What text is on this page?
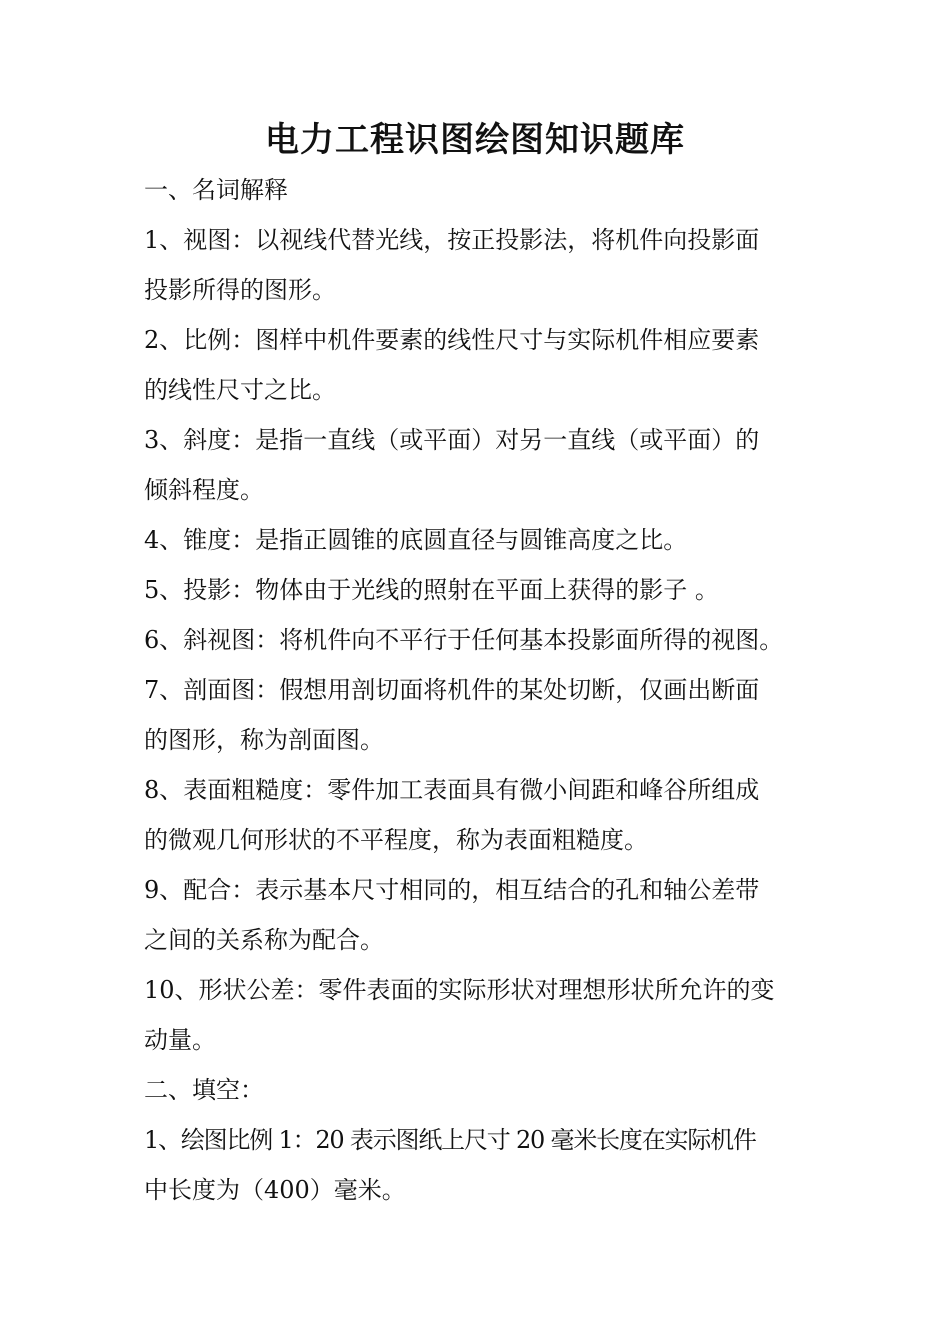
电力工程识图绘图知识题库

一、名词解释

1、视图：以视线代替光线，按正投影法，将机件向投影面

投影所得的图形。

2、比例：图样中机件要素的线性尺寸与实际机件相应要素

的线性尺寸之比。

3、斜度：是指一直线（或平面）对另一直线（或平面）的

倾斜程度。

4、锥度：是指正圆锥的底圆直径与圆锥高度之比。

5、投影：物体由于光线的照射在平面上获得的影子 。

6、斜视图：将机件向不平行于任何基本投影面所得的视图。

7、剖面图：假想用剖切面将机件的某处切断，仅画出断面

的图形，称为剖面图。

8、表面粗糙度：零件加工表面具有微小间距和峰谷所组成

的微观几何形状的不平程度，称为表面粗糙度。

9、配合：表示基本尺寸相同的，相互结合的孔和轴公差带

之间的关系称为配合。

10、形状公差：零件表面的实际形状对理想形状所允许的变

动量。

二、填空：

1、绘图比例 1：20 表示图纸上尺寸 20 毫米长度在实际机件

中长度为（400）毫米。
